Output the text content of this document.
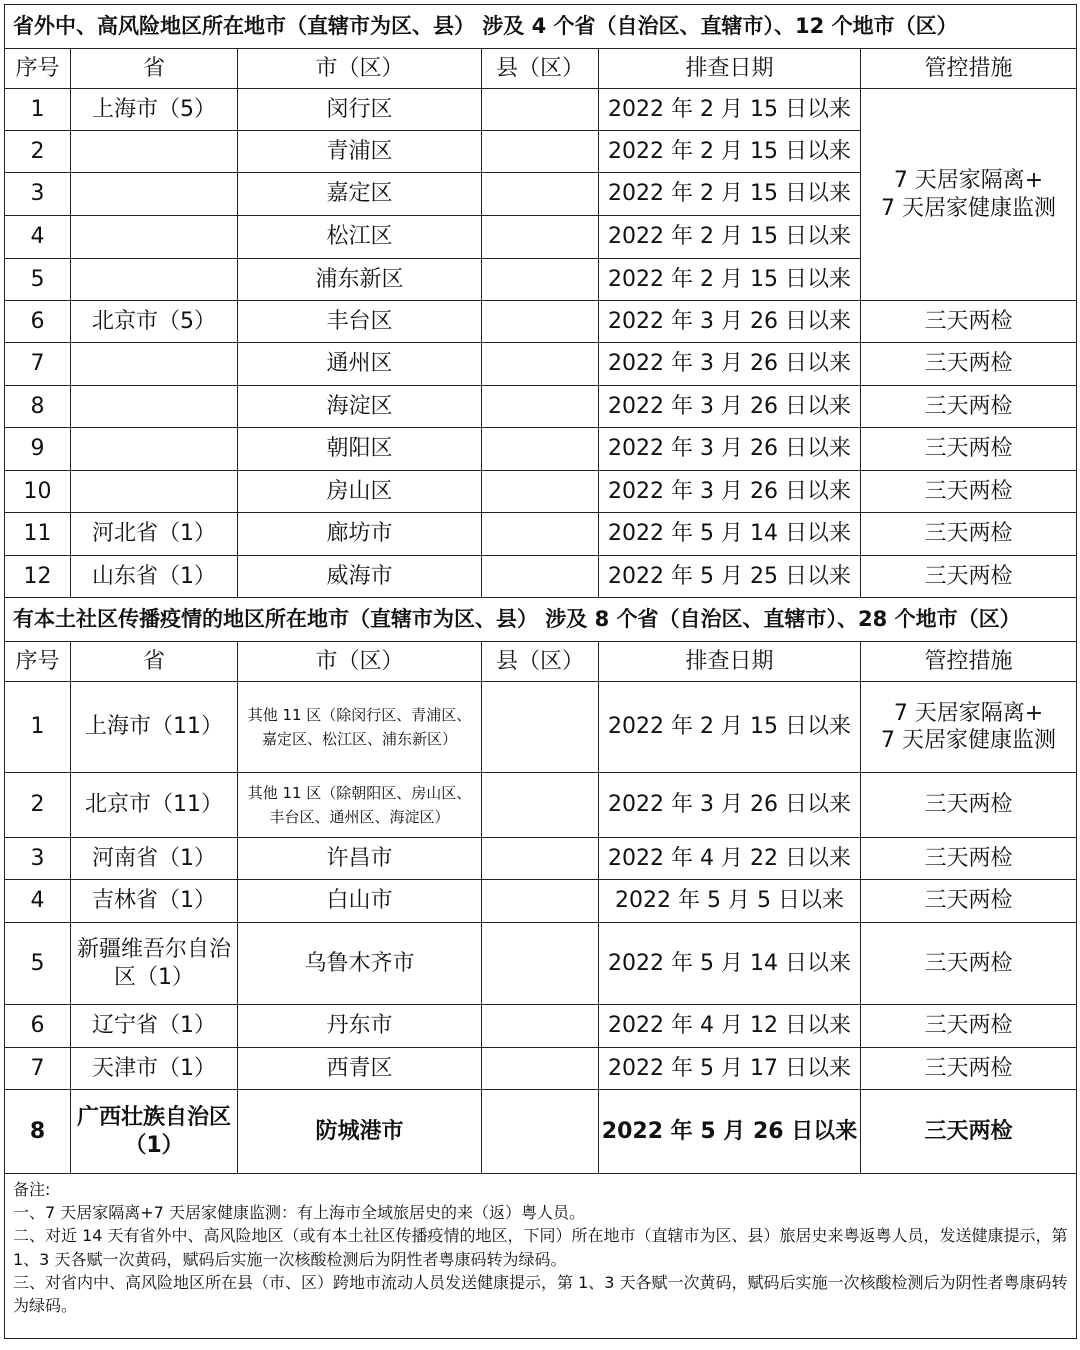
省外中、高风险地区所在地市（直辖市为区、县） 涉及 4 个省（自治区、直辖市）、12 个地市（区）					
序号	省	市（区）	县（区）	排查日期	管控措施
1	上海市（5）	闵行区		2022 年 2 月 15 日以来	7 天居家隔离+
7 天居家健康监测

2		青浦区		2022 年 2 月 15 日以来	
3		嘉定区		2022 年 2 月 15 日以来	
4		松江区		2022 年 2 月 15 日以来	
5		浦东新区		2022 年 2 月 15 日以来	
6	北京市（5）	丰台区		2022 年 3 月 26 日以来	三天两检
7		通州区		2022 年 3 月 26 日以来	三天两检
8		海淀区		2022 年 3 月 26 日以来	三天两检
9		朝阳区		2022 年 3 月 26 日以来	三天两检
10		房山区		2022 年 3 月 26 日以来	三天两检
11	河北省（1）	廊坊市		2022 年 5 月 14 日以来	三天两检
12	山东省（1）	威海市		2022 年 5 月 25 日以来	三天两检
有本土社区传播疫情的地区所在地市（直辖市为区、县） 涉及 8 个省（自治区、直辖市）、28 个地市（区）					
序号	省	市（区）	县（区）	排查日期	管控措施
1	上海市（11）	其他 11 区（除闵行区、青浦区、嘉定区、松江区、浦东新区）		2022 年 2 月 15 日以来	7 天居家隔离+
7 天居家健康监测

2	北京市（11）	其他 11 区（除朝阳区、房山区、丰台区、通州区、海淀区）		2022 年 3 月 26 日以来	三天两检

3	河南省（1）	许昌市		2022 年 4 月 22 日以来	三天两检

4	吉林省（1）	白山市		2022 年 5 月 5 日以来	三天两检

5	新疆维吾尔自治区（1）	乌鲁木齐市		2022 年 5 月 14 日以来	三天两检

6	辽宁省（1）	丹东市		2022 年 4 月 12 日以来	三天两检

7	天津市（1）	西青区		2022 年 5 月 17 日以来	三天两检

8	广西壮族自治区（1）	防城港市		2022 年 5 月 26 日以来	三天两检

备注:
一、7 天居家隔离+7 天居家健康监测：有上海市全域旅居史的来（返）粤人员。
二、对近 14 天有省外中、高风险地区（或有本土社区传播疫情的地区，下同）所在地市（直辖市为区、县）旅居史来粤返粤人员，发送健康提示，第 1、3 天各赋一次黄码，赋码后实施一次核酸检测后为阴性者粤康码转为绿码。
三、对省内中、高风险地区所在县（市、区）跨地市流动人员发送健康提示，第 1、3 天各赋一次黄码，赋码后实施一次核酸检测后为阴性者粤康码转为绿码。					
